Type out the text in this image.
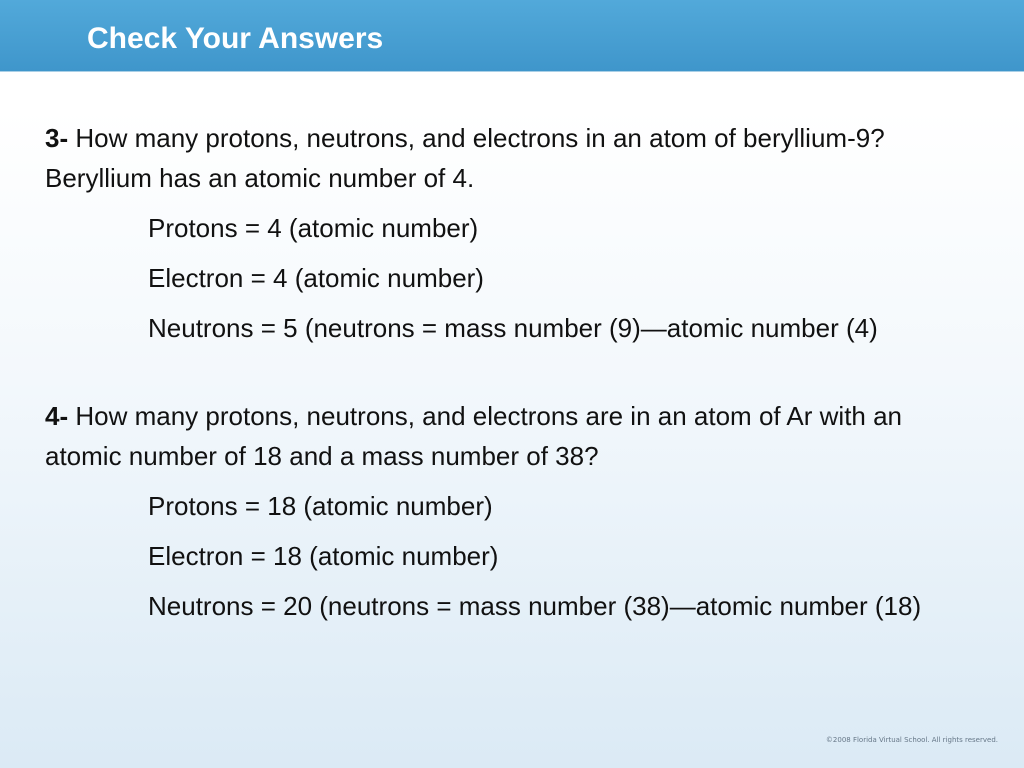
Check Your Answers

3- How many protons, neutrons, and electrons in an atom of beryllium-9? Beryllium has an atomic number of 4.

Protons = 4 (atomic number)

Electron = 4 (atomic number)

Neutrons = 5 (neutrons = mass number (9)—atomic number (4)

4- How many protons, neutrons, and electrons are in an atom of Ar with an atomic number of 18 and a mass number of 38?

Protons = 18 (atomic number)

Electron = 18 (atomic number)

Neutrons = 20 (neutrons = mass number (38)—atomic number (18)

©2008 Florida Virtual School. All rights reserved.
